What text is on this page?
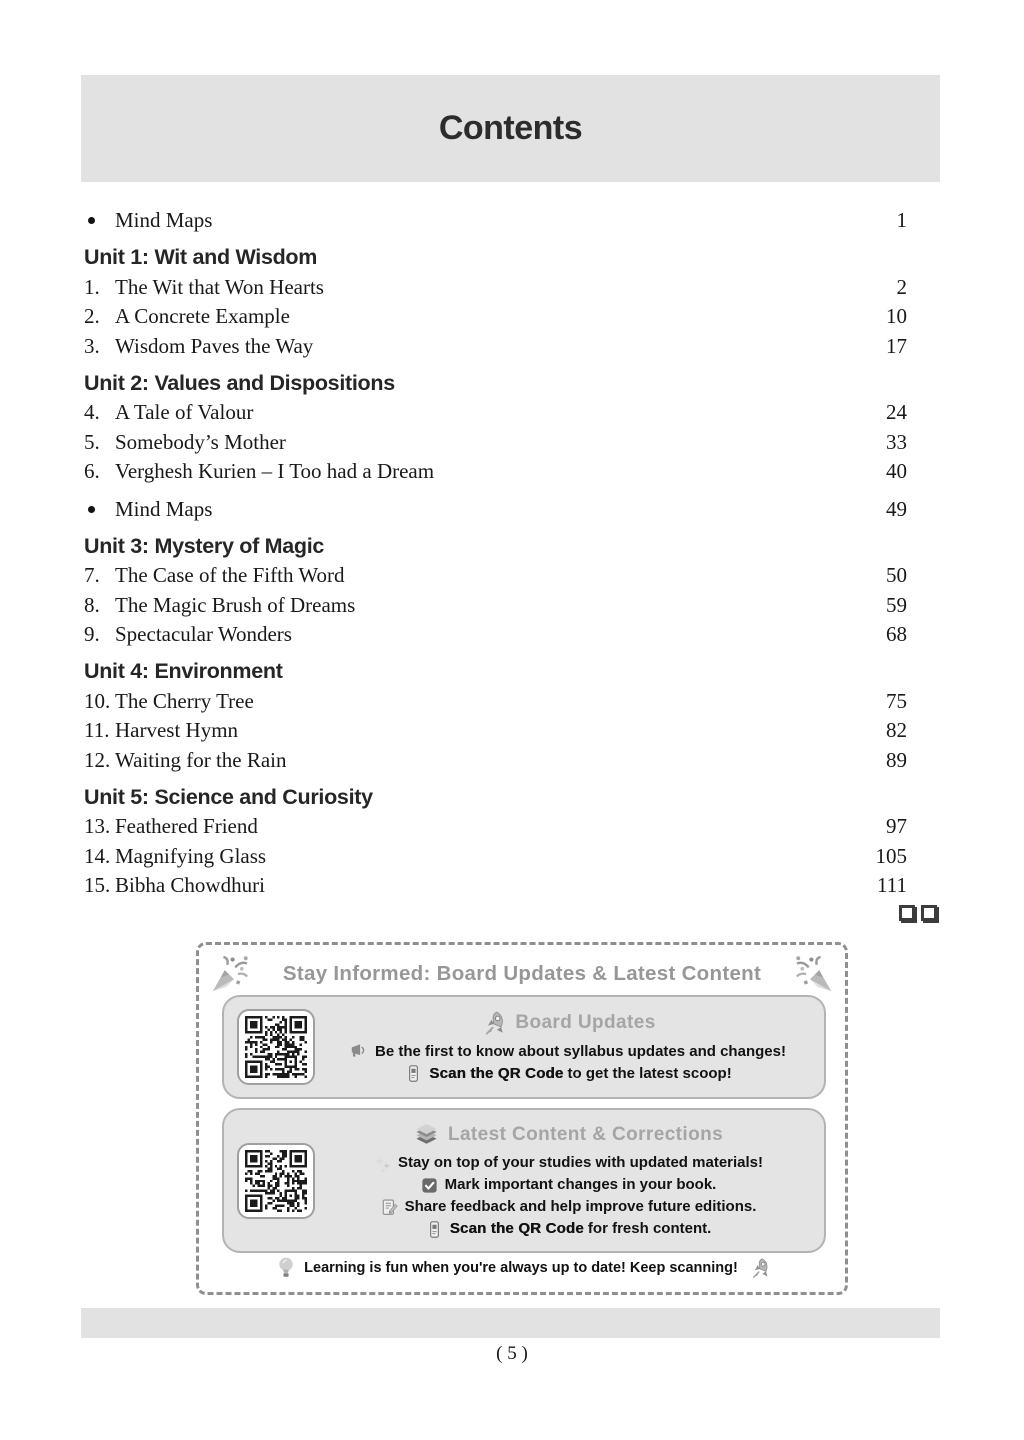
Contents
Mind Maps	1
Unit 1: Wit and Wisdom
1. The Wit that Won Hearts	2
2. A Concrete Example	10
3. Wisdom Paves the Way	17
Unit 2: Values and Dispositions
4. A Tale of Valour	24
5. Somebody’s Mother	33
6. Verghesh Kurien – I Too had a Dream	40
Mind Maps	49
Unit 3: Mystery of Magic
7. The Case of the Fifth Word	50
8. The Magic Brush of Dreams	59
9. Spectacular Wonders	68
Unit 4: Environment
10. The Cherry Tree	75
11. Harvest Hymn	82
12. Waiting for the Rain	89
Unit 5: Science and Curiosity
13. Feathered Friend	97
14. Magnifying Glass	105
15. Bibha Chowdhuri	111
Stay Informed: Board Updates & Latest Content
Board Updates
Be the first to know about syllabus updates and changes!
Scan the QR Code to get the latest scoop!
Latest Content & Corrections
Stay on top of your studies with updated materials!
Mark important changes in your book.
Share feedback and help improve future editions.
Scan the QR Code for fresh content.
Learning is fun when you're always up to date! Keep scanning!
( 5 )
